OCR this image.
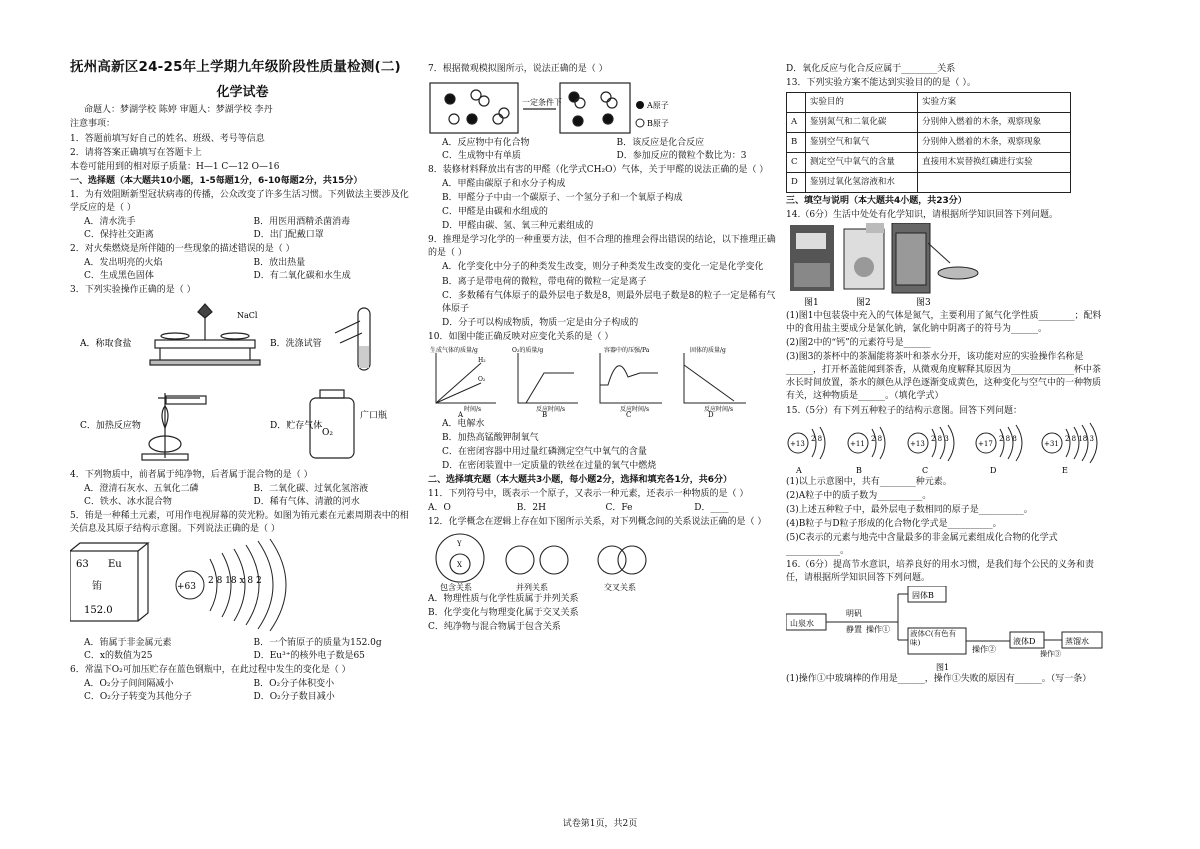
抚州高新区24-25年上学期九年级阶段性质量检测(二)
化学试卷
命题人：梦湖学校 陈婷 审题人：梦湖学校 李丹
注意事项：
1．答题前填写好自己的姓名、班级、考号等信息
2．请将答案正确填写在答题卡上
本卷可能用到的相对原子质量：H—1 C—12 O—16
一、选择题（本大题共10小题，1-5每题1分，6-10每题2分，共15分）
1．为有效阻断新型冠状病毒的传播，公众改变了许多生活习惯。下列做法主要涉及化学反应的是（ ）
A．清水洗手	B．用医用酒精杀菌消毒
C．保持社交距离	D．出门配戴口罩
2．对火柴燃烧是所伴随的一些现象的描述错误的是（ ）
A．发出明亮的火焰	B．放出热量
C．生成黑色固体	D．有二氧化碳和水生成
3．下列实验操作正确的是（ ）
A．称取食盐
NaCl
B．洗涤试管
C．加热反应物
O₂
广口瓶
D．贮存气体
4．下列物质中，前者属于纯净物，后者属于混合物的是（ ）
A．澄清石灰水、五氧化二磷	B．二氧化碳、过氧化氢溶液
C．铁水、冰水混合物	D．稀有气体、清澈的河水
5．铕是一种稀土元素，可用作电视屏幕的荧光粉。如图为铕元素在元素周期表中的相关信息及其原子结构示意图。下列说法正确的是（ ）
63 Eu
铕
152.0
+63
2 8 18 x 8 2
A．铕属于非金属元素	B．一个铕原子的质量为152.0g
C．x的数值为25	D．Eu³⁺的核外电子数是65
6．常温下O₂可加压贮存在蓝色钢瓶中，在此过程中发生的变化是（ ）
A．O₂分子间间隔减小	B．O₂分子体积变小
C．O₂分子转变为其他分子	D．O₂分子数目减小
7．根据微观模拟图所示，说法正确的是（ ）
一定条件下	A原子
B原子
A．反应物中有化合物	B．该反应是化合反应
C．生成物中有单质	D．参加反应的微粒个数比为：3
8．装修材料释放出有害的甲醛（化学式CH₂O）气体，关于甲醛的说法正确的是（ ）
A．甲醛由碳原子和水分子构成
B．甲醛分子中由一个碳原子、一个氢分子和一个氧原子构成
C．甲醛是由碳和水组成的
D．甲醛由碳、氢、氧三种元素组成的
9．推理是学习化学的一种重要方法，但不合理的推理会得出错误的结论，以下推理正确的是（ ）
A．化学变化中分子的种类发生改变，则分子种类发生改变的变化一定是化学变化
B．离子是带电荷的微粒，带电荷的微粒一定是离子
C．多数稀有气体原子的最外层电子数是8，则最外层电子数是8的粒子一定是稀有气体原子
D．分子可以构成物质，物质一定是由分子构成的
10．如图中能正确反映对应变化关系的是（ ）
生成气体的质量/g
H₂
O₂
时间/s
A
O₂的质量/g
反应时间/s
B
容器中的压强/Pa
反应时间/s
C
固体的质量/g
反应时间/s
D
A．电解水
B．加热高锰酸钾制氧气
C．在密闭容器中用过量红磷测定空气中氧气的含量
D．在密闭装置中一定质量的铁丝在过量的氧气中燃烧
二、选择填充题（本大题共3小题，每小题2分，选择和填充各1分，共6分）
11．下列符号中，既表示一个原子，又表示一种元素，还表示一种物质的是（ ）
A．O	B．2H	C．Fe	D．____
12．化学概念在逻辑上存在如下图所示关系，对下列概念间的关系说法正确的是（ ）
Y
X
包含关系	并列关系	交叉关系
A．物理性质与化学性质属于并列关系
B．化学变化与物理变化属于交叉关系
C．纯净物与混合物属于包含关系
D．氧化反应与化合反应属于________关系
13．下列实验方案不能达到实验目的的是（ ）。
	实验目的	实验方案
A	鉴别氮气和二氧化碳	分别伸入燃着的木条，观察现象
B	鉴别空气和氧气	分别伸入燃着的木条，观察现象
C	测定空气中氧气的含量	直接用木炭替换红磷进行实验
D	鉴别过氧化氢溶液和水	
三、填空与说明（本大题共4小题，共23分）
14.（6分）生活中处处有化学知识，请根据所学知识回答下列问题。
图1	图2	图3
(1)图1中包装袋中充入的气体是氮气，主要利用了氮气化学性质________；配料中的食用盐主要成分是氯化钠，氯化钠中阴离子的符号为______。
(2)图2中的“钙”的元素符号是______
(3)图3的茶杯中的茶漏能将茶叶和茶水分开，该功能对应的实验操作名称是______，打开杯盖能闻到茶香，从微观角度解释其原因为______________杯中茶水长时间放置，茶水的颜色从浮色逐渐变成黄色，这种变化与空气中的一种物质有关，这种物质是______。（填化学式）
15.（5分）有下列五种粒子的结构示意图。回答下列问题：
+13
2 8
A
+11
2 8
B
+13
2 8 3
C
+17
2 8 8
D
+31
2 8 18 3
E
(1)以上示意图中，共有________种元素。
(2)A粒子中的质子数为__________。
(3)上述五种粒子中，最外层电子数相同的原子是__________。
(4)B粒子与D粒子形成的化合物化学式是__________。
(5)C表示的元素与地壳中含量最多的非金属元素组成化合物的化学式____________。
16.（6分）提高节水意识，培养良好的用水习惯，是我们每个公民的义务和责任，请根据所学知识回答下列问题。
山泉水
明矾
静置 操作①
固体B
液体C(有色有味)
操作②
液体D
操作③
蒸馏水
图1
(1)操作①中玻璃棒的作用是______，操作①失败的原因有______。（写一条）
试卷第1页，共2页
